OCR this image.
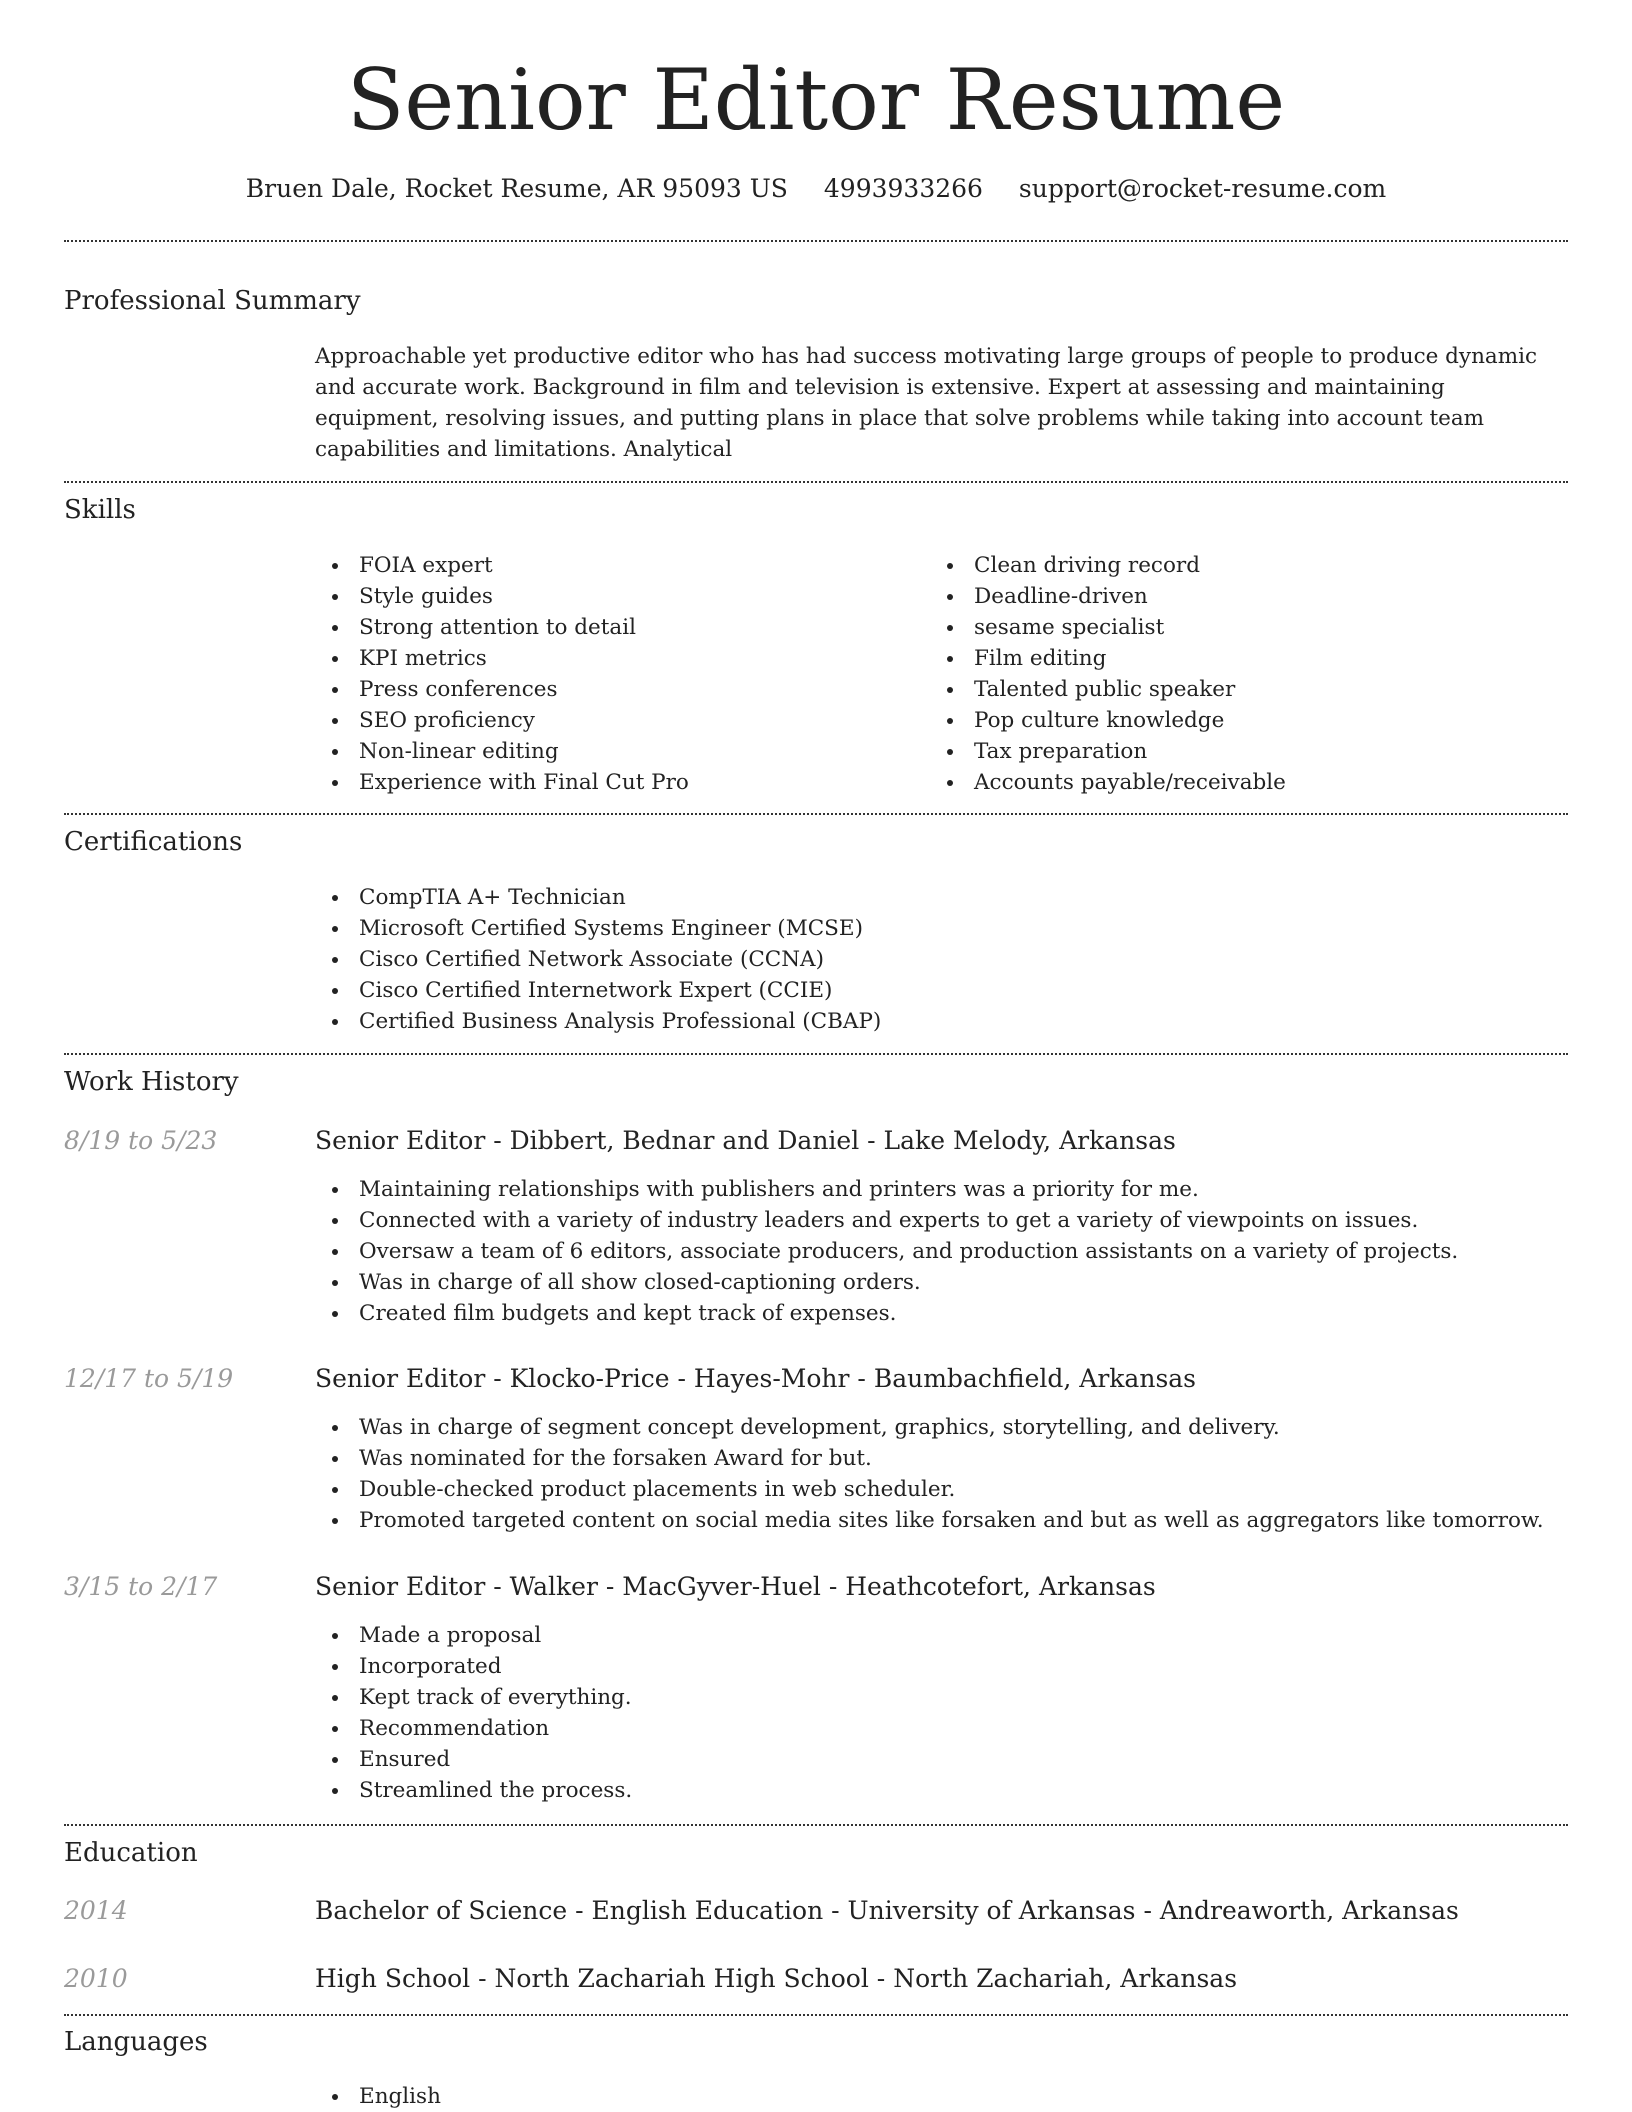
Senior Editor Resume
Bruen Dale, Rocket Resume, AR 95093 US 4993933266 support@rocket-resume.com
Professional Summary
Approachable yet productive editor who has had success motivating large groups of people to produce dynamic and accurate work. Background in film and television is extensive. Expert at assessing and maintaining equipment, resolving issues, and putting plans in place that solve problems while taking into account team capabilities and limitations. Analytical
Skills
FOIA expert
Style guides
Strong attention to detail
KPI metrics
Press conferences
SEO proficiency
Non-linear editing
Experience with Final Cut Pro
Clean driving record
Deadline-driven
sesame specialist
Film editing
Talented public speaker
Pop culture knowledge
Tax preparation
Accounts payable/receivable
Certifications
CompTIA A+ Technician
Microsoft Certified Systems Engineer (MCSE)
Cisco Certified Network Associate (CCNA)
Cisco Certified Internetwork Expert (CCIE)
Certified Business Analysis Professional (CBAP)
Work History
8/19 to 5/23	Senior Editor - Dibbert, Bednar and Daniel - Lake Melody, Arkansas
Maintaining relationships with publishers and printers was a priority for me.
Connected with a variety of industry leaders and experts to get a variety of viewpoints on issues.
Oversaw a team of 6 editors, associate producers, and production assistants on a variety of projects.
Was in charge of all show closed-captioning orders.
Created film budgets and kept track of expenses.
12/17 to 5/19	Senior Editor - Klocko-Price - Hayes-Mohr - Baumbachfield, Arkansas
Was in charge of segment concept development, graphics, storytelling, and delivery.
Was nominated for the forsaken Award for but.
Double-checked product placements in web scheduler.
Promoted targeted content on social media sites like forsaken and but as well as aggregators like tomorrow.
3/15 to 2/17	Senior Editor - Walker - MacGyver-Huel - Heathcotefort, Arkansas
Made a proposal
Incorporated
Kept track of everything.
Recommendation
Ensured
Streamlined the process.
Education
2014	Bachelor of Science - English Education - University of Arkansas - Andreaworth, Arkansas
2010	High School - North Zachariah High School - North Zachariah, Arkansas
Languages
English
